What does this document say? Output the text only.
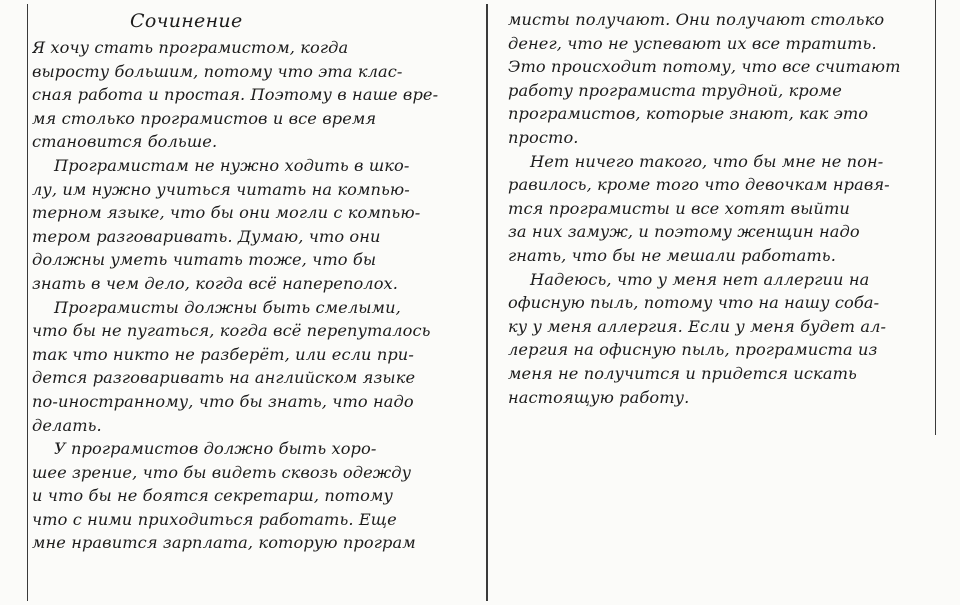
Сочинение
Я хочу стать програмистом, когда
выросту большим, потому что эта клас-
сная работа и простая. Поэтому в наше вре-
мя столько програмистов и все время
становится больше.
Програмистам не нужно ходить в шко-
лу, им нужно учиться читать на компью-
терном языке, что бы они могли с компью-
тером разговаривать. Думаю, что они
должны уметь читать тоже, что бы
знать в чем дело, когда всё напереполох.
Програмисты должны быть смелыми,
что бы не пугаться, когда всё перепуталось
так что никто не разберёт, или если при-
дется разговаривать на английском языке
по-иностранному, что бы знать, что надо
делать.
У програмистов должно быть хоро-
шее зрение, что бы видеть сквозь одежду
и что бы не боятся секретарш, потому
что с ними приходиться работать. Еще
мне нравится зарплата, которую програм
мисты получают. Они получают столько
денег, что не успевают их все тратить.
Это происходит потому, что все считают
работу програмиста трудной, кроме
програмистов, которые знают, как это
просто.
Нет ничего такого, что бы мне не пон-
равилось, кроме того что девочкам нравя-
тся програмисты и все хотят выйти
за них замуж, и поэтому женщин надо
гнать, что бы не мешали работать.
Надеюсь, что у меня нет аллергии на
офисную пыль, потому что на нашу соба-
ку у меня аллергия. Если у меня будет ал-
лергия на офисную пыль, програмиста из
меня не получится и придется искать
настоящую работу.
